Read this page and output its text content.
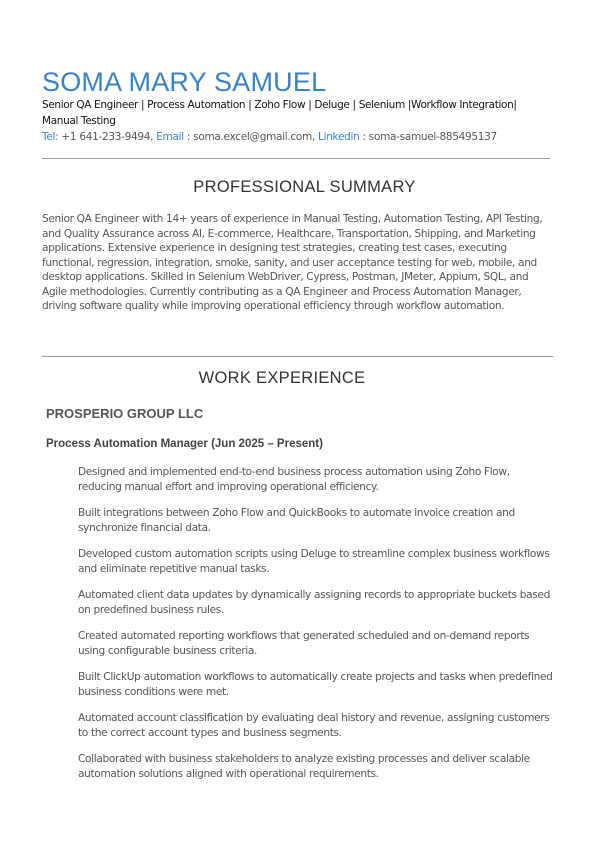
SOMA MARY SAMUEL

Senior QA Engineer | Process Automation | Zoho Flow | Deluge | Selenium |Workflow Integration| Manual Testing

Tel: +1 641-233-9494, Email : soma.excel@gmail.com, Linkedin : soma-samuel-885495137

PROFESSIONAL SUMMARY

Senior QA Engineer with 14+ years of experience in Manual Testing, Automation Testing, API Testing, and Quality Assurance across AI, E-commerce, Healthcare, Transportation, Shipping, and Marketing applications. Extensive experience in designing test strategies, creating test cases, executing functional, regression, integration, smoke, sanity, and user acceptance testing for web, mobile, and desktop applications. Skilled in Selenium WebDriver, Cypress, Postman, JMeter, Appium, SQL, and Agile methodologies. Currently contributing as a QA Engineer and Process Automation Manager, driving software quality while improving operational efficiency through workflow automation.

WORK EXPERIENCE
PROSPERIO GROUP LLC
Process Automation Manager (Jun 2025 – Present)
Designed and implemented end-to-end business process automation using Zoho Flow, reducing manual effort and improving operational efficiency.
Built integrations between Zoho Flow and QuickBooks to automate invoice creation and synchronize financial data.
Developed custom automation scripts using Deluge to streamline complex business workflows and eliminate repetitive manual tasks.
Automated client data updates by dynamically assigning records to appropriate buckets based on predefined business rules.
Created automated reporting workflows that generated scheduled and on-demand reports using configurable business criteria.
Built ClickUp automation workflows to automatically create projects and tasks when predefined business conditions were met.
Automated account classification by evaluating deal history and revenue, assigning customers to the correct account types and business segments.
Collaborated with business stakeholders to analyze existing processes and deliver scalable automation solutions aligned with operational requirements.
